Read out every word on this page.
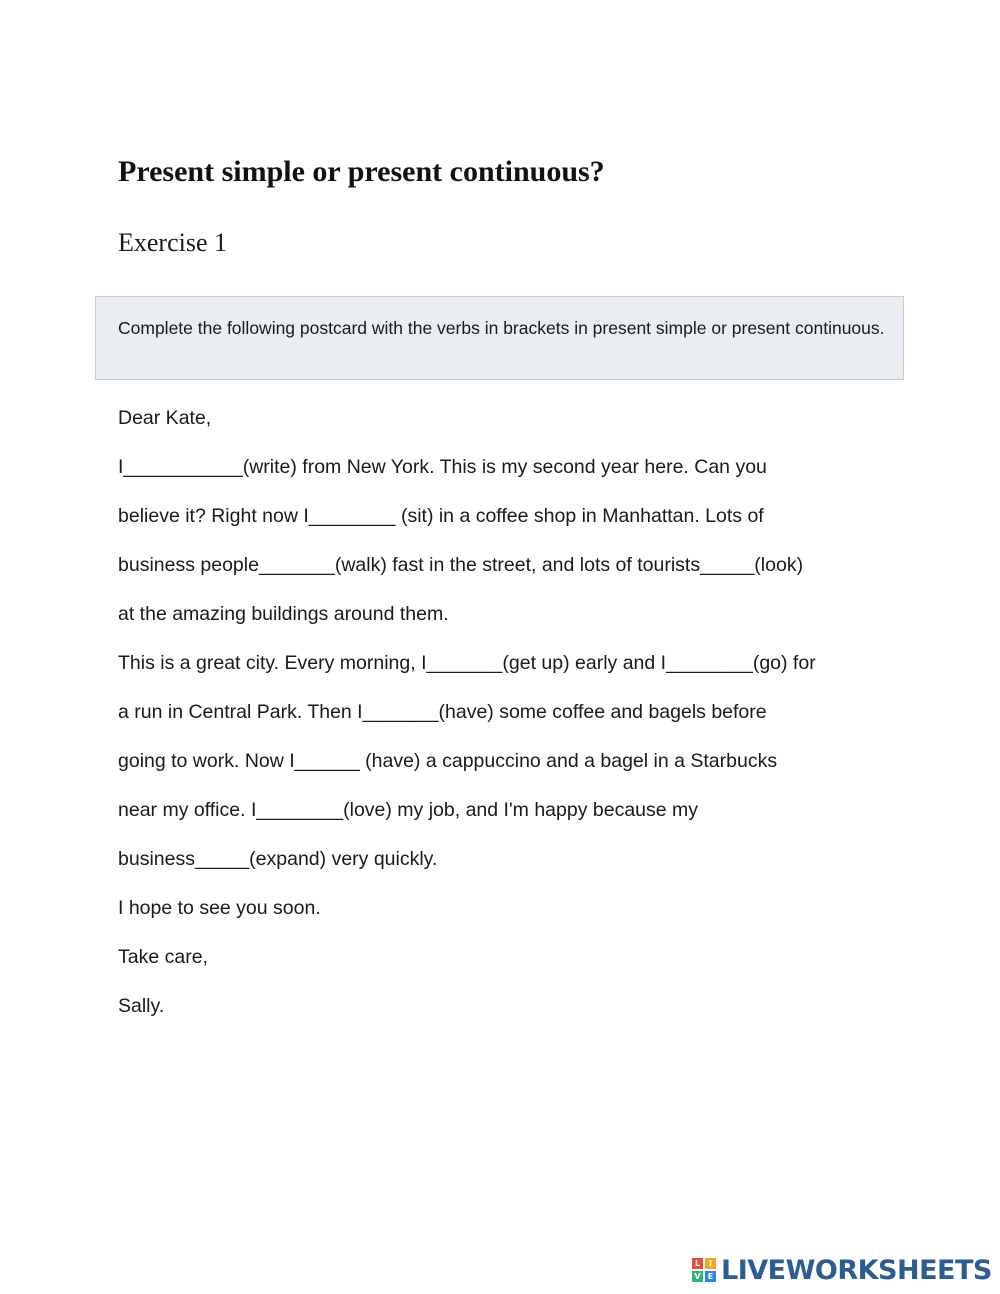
Present simple or present continuous?
Exercise 1

Complete the following postcard with the verbs in brackets in present simple or present continuous.

Dear Kate,

I___________(write) from New York. This is my second year here. Can you

believe it? Right now I________ (sit) in a coffee shop in Manhattan. Lots of

business people_______(walk) fast in the street, and lots of tourists_____(look)

at the amazing buildings around them.

This is a great city. Every morning, I_______(get up) early and I________(go) for

a run in Central Park. Then I_______(have) some coffee and bagels before

going to work. Now I______ (have) a cappuccino and a bagel in a Starbucks

near my office. I________(love) my job, and I'm happy because my

business_____(expand) very quickly.

I hope to see you soon.

Take care,

Sally.

L	I
V E LIVEWORKSHEETS
